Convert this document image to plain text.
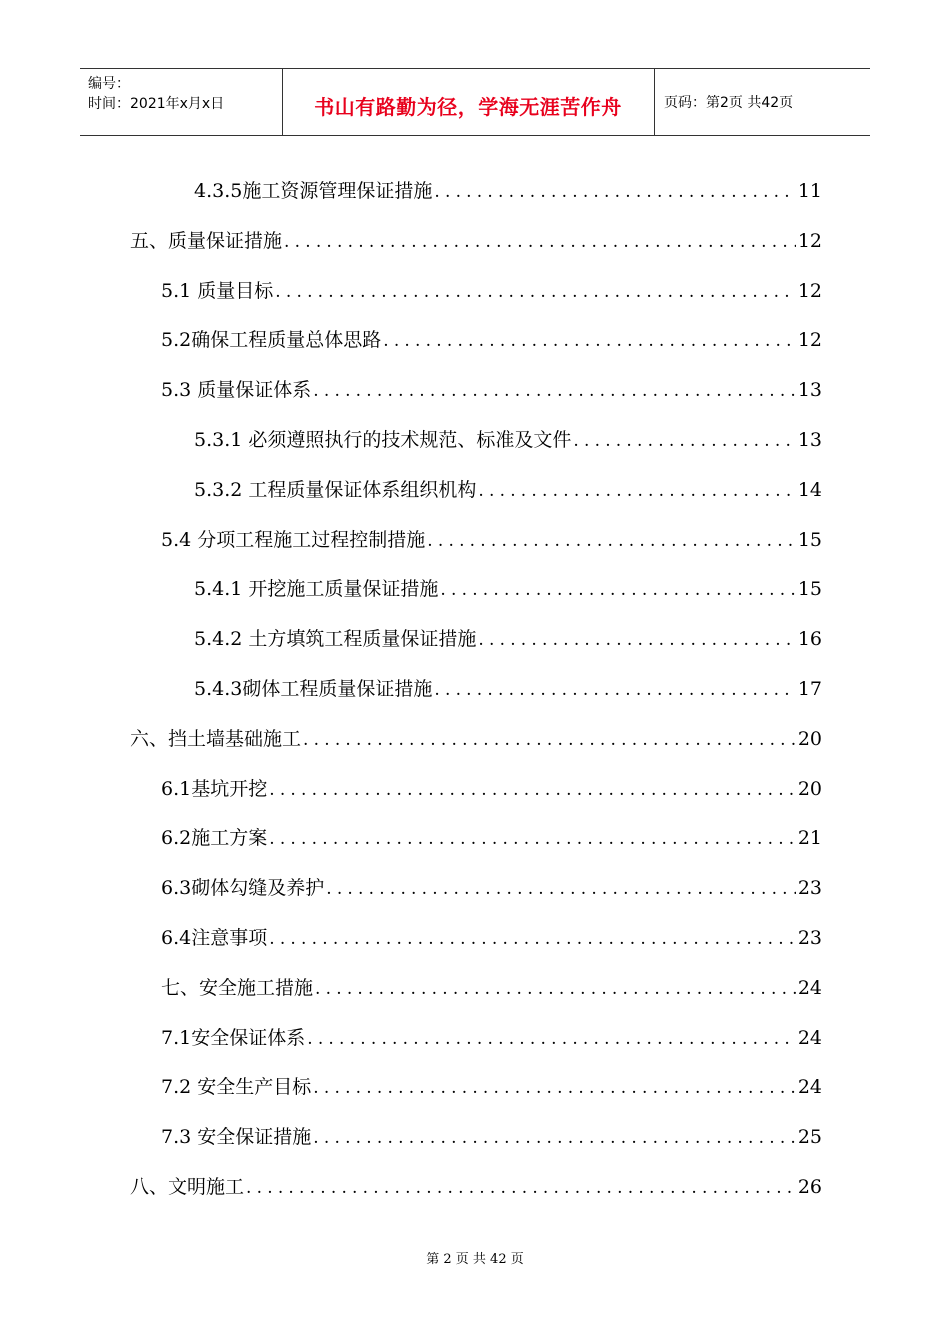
编号：
时间：2021年x月x日	书山有路勤为径，学海无涯苦作舟	页码：第2页 共42页
4.3.5施工资源管理保证措施 .....	11
五、质量保证措施 .....	12
5.1 质量目标 .....	12
5.2确保工程质量总体思路 .....	12
5.3 质量保证体系 .....	13
5.3.1 必须遵照执行的技术规范、标准及文件 .....	13
5.3.2 工程质量保证体系组织机构 .....	14
5.4 分项工程施工过程控制措施 .....	15
5.4.1 开挖施工质量保证措施 .....	15
5.4.2 土方填筑工程质量保证措施 .....	16
5.4.3砌体工程质量保证措施 .....	17
六、挡土墙基础施工 .....	20
6.1基坑开挖 .....	20
6.2施工方案 .....	21
6.3砌体勾缝及养护 .....	23
6.4注意事项 .....	23
七、安全施工措施 .....	24
7.1安全保证体系 .....	24
7.2 安全生产目标 .....	24
7.3 安全保证措施 .....	25
八、文明施工 .....	26
第 2 页 共 42 页
